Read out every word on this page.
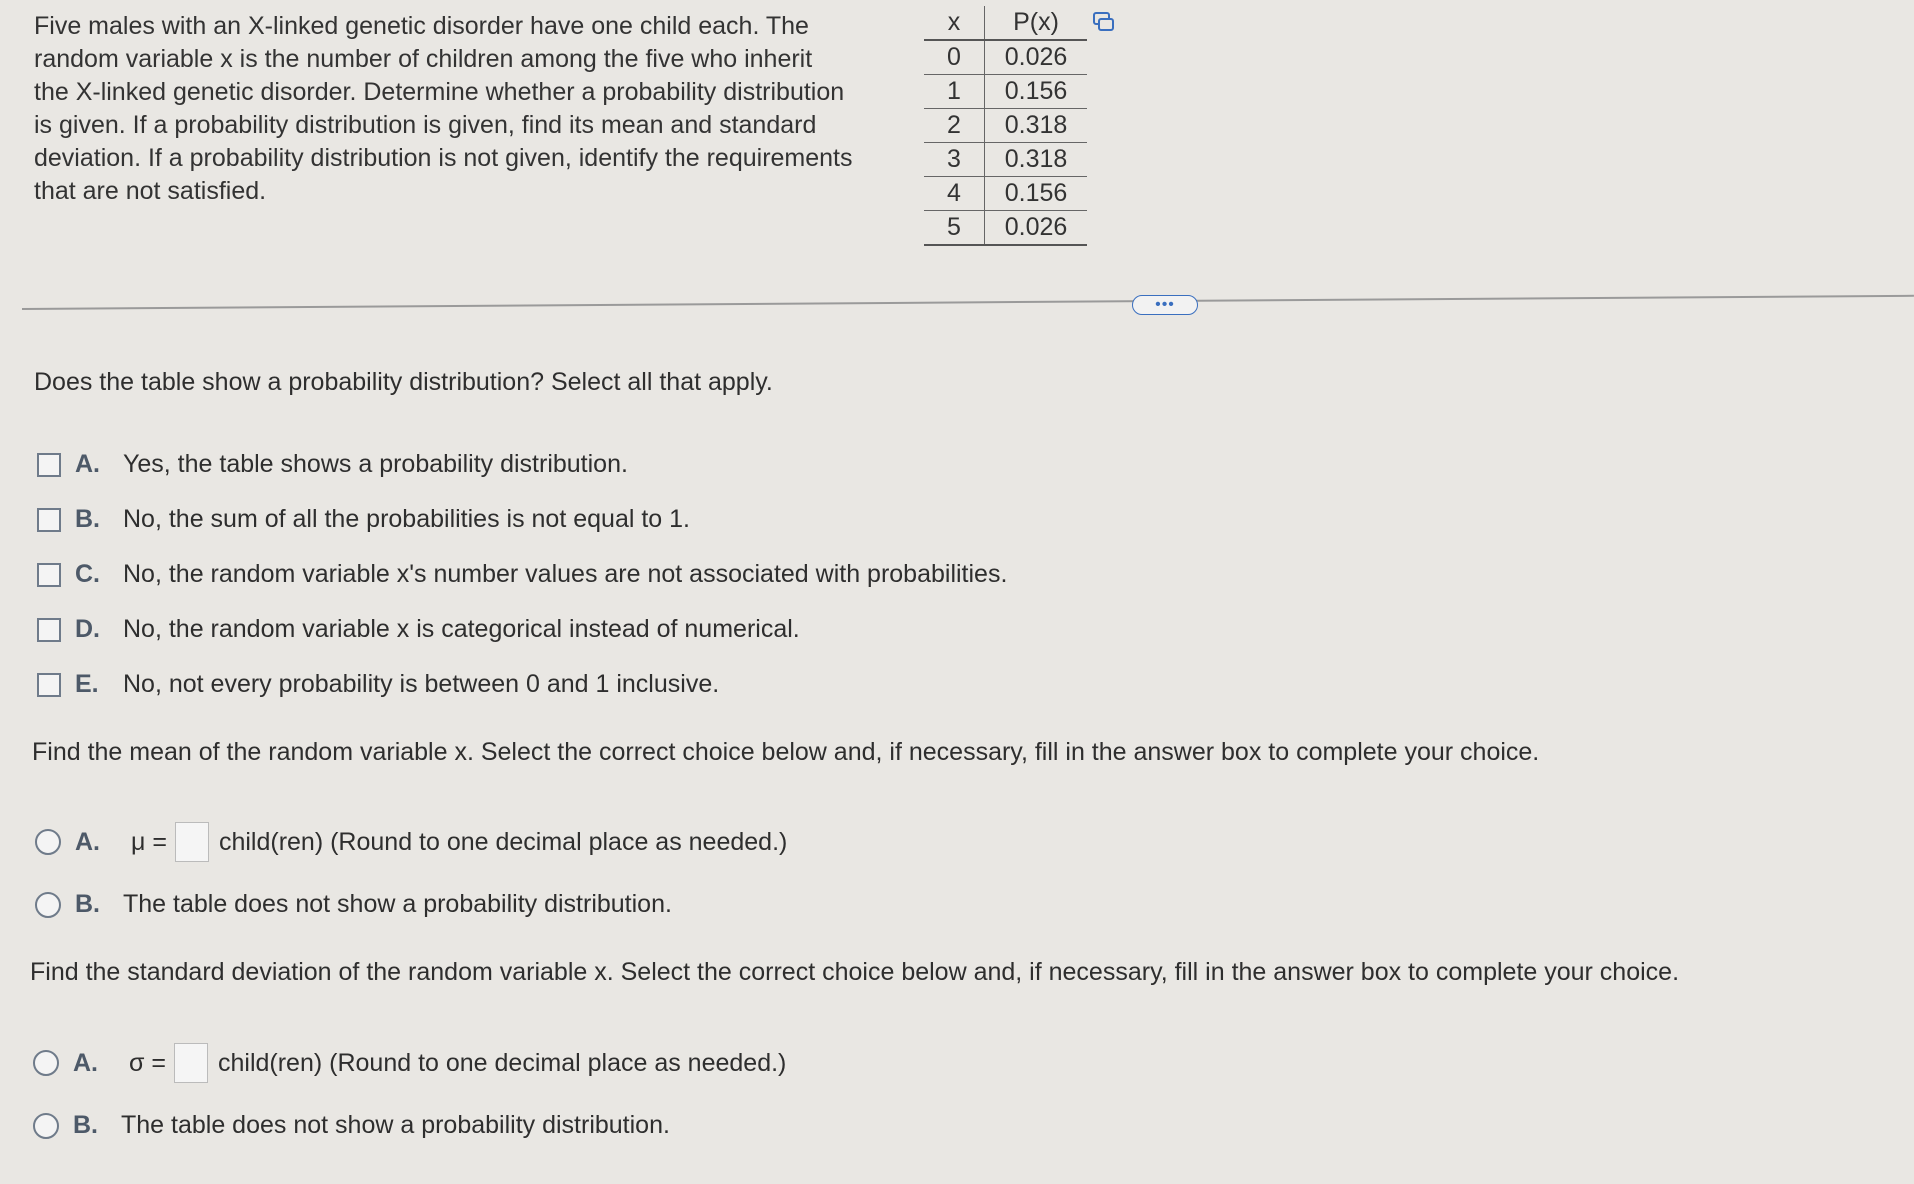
Five males with an X-linked genetic disorder have one child each. The
random variable x is the number of children among the five who inherit
the X-linked genetic disorder. Determine whether a probability distribution
is given. If a probability distribution is given, find its mean and standard
deviation. If a probability distribution is not given, identify the requirements
that are not satisfied.
x	P(x)
0	0.026
1	0.156
2	0.318
3	0.318
4	0.156
5	0.026
•••
Does the table show a probability distribution? Select all that apply.
A. Yes, the table shows a probability distribution.
B. No, the sum of all the probabilities is not equal to 1.
C. No, the random variable x's number values are not associated with probabilities.
D. No, the random variable x is categorical instead of numerical.
E. No, not every probability is between 0 and 1 inclusive.
Find the mean of the random variable x. Select the correct choice below and, if necessary, fill in the answer box to complete your choice.
A.	μ = child(ren) (Round to one decimal place as needed.)
B. The table does not show a probability distribution.
Find the standard deviation of the random variable x. Select the correct choice below and, if necessary, fill in the answer box to complete your choice.
A.	σ = child(ren) (Round to one decimal place as needed.)
B. The table does not show a probability distribution.
